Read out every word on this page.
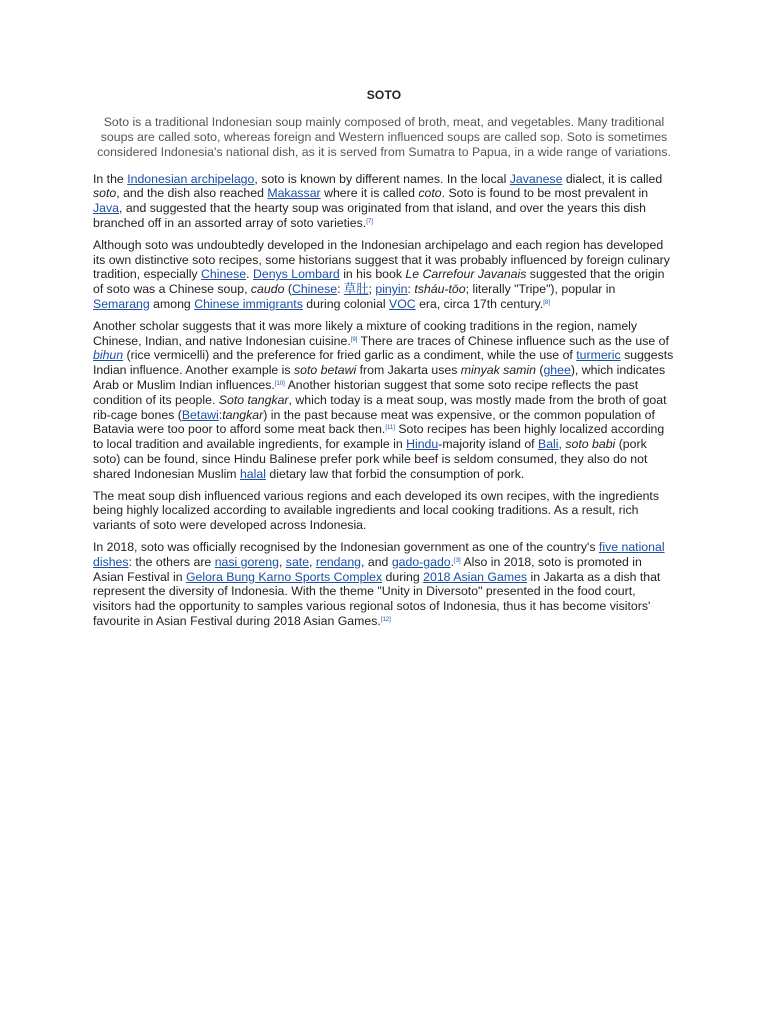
SOTO

Soto is a traditional Indonesian soup mainly composed of broth, meat, and vegetables. Many traditional soups are called soto, whereas foreign and Western influenced soups are called sop. Soto is sometimes considered Indonesia's national dish, as it is served from Sumatra to Papua, in a wide range of variations.

In the Indonesian archipelago, soto is known by different names. In the local Javanese dialect, it is called soto, and the dish also reached Makassar where it is called coto. Soto is found to be most prevalent in Java, and suggested that the hearty soup was originated from that island, and over the years this dish branched off in an assorted array of soto varieties.[7]

Although soto was undoubtedly developed in the Indonesian archipelago and each region has developed its own distinctive soto recipes, some historians suggest that it was probably influenced by foreign culinary tradition, especially Chinese. Denys Lombard in his book Le Carrefour Javanais suggested that the origin of soto was a Chinese soup, caudo (Chinese: 草肚; pinyin: tsháu-tōo; literally "Tripe"), popular in Semarang among Chinese immigrants during colonial VOC era, circa 17th century.[8]

Another scholar suggests that it was more likely a mixture of cooking traditions in the region, namely Chinese, Indian, and native Indonesian cuisine.[9] There are traces of Chinese influence such as the use of bihun (rice vermicelli) and the preference for fried garlic as a condiment, while the use of turmeric suggests Indian influence. Another example is soto betawi from Jakarta uses minyak samin (ghee), which indicates Arab or Muslim Indian influences.[10] Another historian suggest that some soto recipe reflects the past condition of its people. Soto tangkar, which today is a meat soup, was mostly made from the broth of goat rib-cage bones (Betawi:tangkar) in the past because meat was expensive, or the common population of Batavia were too poor to afford some meat back then.[11] Soto recipes has been highly localized according to local tradition and available ingredients, for example in Hindu-majority island of Bali, soto babi (pork soto) can be found, since Hindu Balinese prefer pork while beef is seldom consumed, they also do not shared Indonesian Muslim halal dietary law that forbid the consumption of pork.

The meat soup dish influenced various regions and each developed its own recipes, with the ingredients being highly localized according to available ingredients and local cooking traditions. As a result, rich variants of soto were developed across Indonesia.

In 2018, soto was officially recognised by the Indonesian government as one of the country's five national dishes: the others are nasi goreng, sate, rendang, and gado-gado.[3] Also in 2018, soto is promoted in Asian Festival in Gelora Bung Karno Sports Complex during 2018 Asian Games in Jakarta as a dish that represent the diversity of Indonesia. With the theme "Unity in Diversoto" presented in the food court, visitors had the opportunity to samples various regional sotos of Indonesia, thus it has become visitors' favourite in Asian Festival during 2018 Asian Games.[12]
